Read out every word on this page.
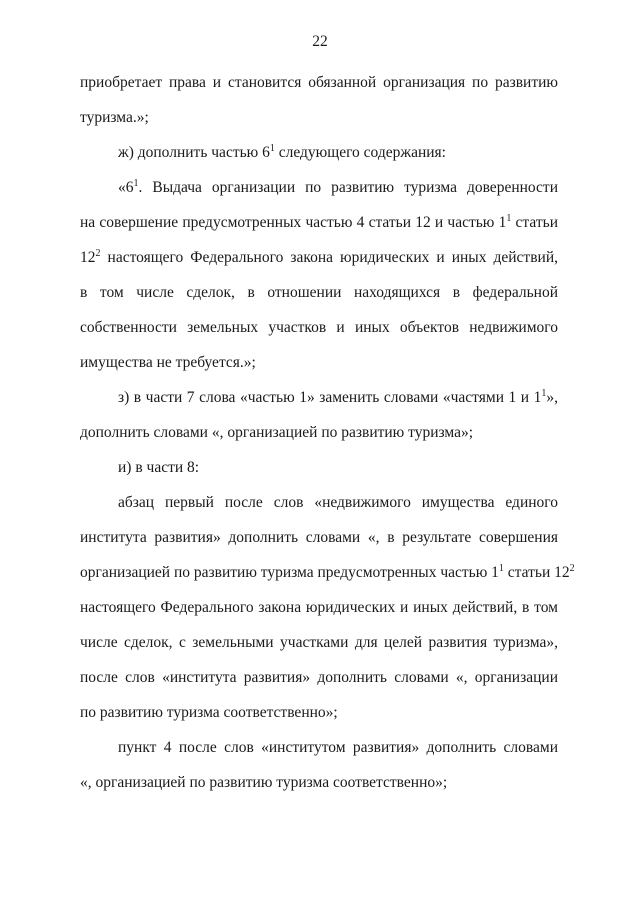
22
приобретает права и становится обязанной организация по развитию
туризма.»;
ж) дополнить частью $6^1$ следующего содержания:
«$6^1$. Выдача организации по развитию туризма доверенности
на совершение предусмотренных частью 4 статьи 12 и частью $1^1$ статьи
$12^2$ настоящего Федерального закона юридических и иных действий,
в том числе сделок, в отношении находящихся в федеральной
собственности земельных участков и иных объектов недвижимого
имущества не требуется.»;
з) в части 7 слова «частью 1» заменить словами «частями 1 и $1^1$»,
дополнить словами «, организацией по развитию туризма»;
и) в части 8:
абзац первый после слов «недвижимого имущества единого
института развития» дополнить словами «, в результате совершения
организацией по развитию туризма предусмотренных частью $1^1$ статьи $12^2$
настоящего Федерального закона юридических и иных действий, в том
числе сделок, с земельными участками для целей развития туризма»,
после слов «института развития» дополнить словами «, организации
по развитию туризма соответственно»;
пункт 4 после слов «институтом развития» дополнить словами
«, организацией по развитию туризма соответственно»;
